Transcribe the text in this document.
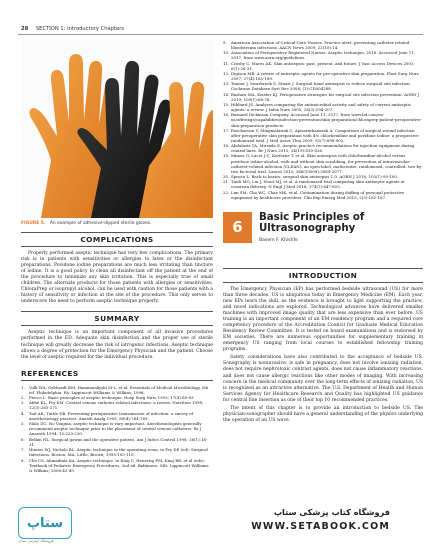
28 SECTION 1: Introductory Chapters
FIGURE 5. An example of adhesive-dipped sterile gloves.
COMPLICATIONS

Properly performed aseptic technique has very few complications. The primary risk is in patients with sensitivities or allergies to latex or the disinfectant preparations. Povidone iodine preparations are much less irritating than tincture of iodine. It is a good policy to clean all disinfectant off the patient at the end of the procedure to minimize any skin irritation. This is especially true of small children. The alternate products for those patients with allergies or sensitivities, ChloraPrep or isopropyl alcohol, can be used with caution for those patients with a history of sensitivity or infection at the site of the procedure. This only serves to underscore the need to perform aseptic technique properly.

SUMMARY

Aseptic technique is an important component of all invasive procedures performed in the ED. Adequate skin disinfection and the proper use of sterile technique will greatly decrease the risk of iatrogenic infections. Aseptic technique allows a degree of protection for the Emergency Physician and the patient. Choose the level of aseptic required for the individual procedure.

REFERENCES
1.	Volk WA, Gebhardt BM, Hammarskjold M-L, et al. Essentials of Medical Microbiology, 5th ed. Philadelphia, PA: Lippincott Williams & Wilkins; 1996.
2.	Pierce L. Basic principles of aseptic technique. Hosp Surg Nurs 1993; 17(4):80-83.
3.	Abbé KL, Fry KM. Central venous catheter related infections: a review. Nutrition 1998; 12(3):265-271.
4.	Tait AR, Tuttle DB. Preventing perioperative transmission of infection: a survey of anesthesiology practice. Anesth Analg 1995; 80(4):764-769.
5.	Malo DC. No Viagnia, aseptic technique is vary important. Anesthesiologists generally recommend aseptic technique prior to the placement of central venous catheters. Br J Anaesth 1994; 15:223-230.
6.	Belkin NL. Surgical gowns and the operative patient. Am J Infect Control 1998; 26(1):16-31.
7.	Hunter WJ, Nichols RL. Aseptic technique in the operating room, in Fry DE (ed): Surgical Infections. Boston, MA: Little, Brown; 1995:105-110.
8.	Cho CS, Ahmadinia KA. Aseptic technique, in King C, Henretig FM, King BR, et al (eds): Textbook of Pediatric Emergency Procedures, 2nd ed. Baltimore, MD: Lippincott Williams & Wilkins; 2008:43-49.
9.	American Association of Critical-Care Nurses. Practice alert: preventing catheter-related bloodstream infections. AACN News 2009; 22(10):14.
10. Association of Perioperative Registered Nurses. Aseptic technique, 2016. Accessed June 11, 2017, from www.aorn.org/guidelines.
11. Crosby C, Mares AK. Skin antisepsis: past, present, and future. J Vasc Access Devices 2001; 6(1):26-31.
12. Digison MB. A review of antiseptic agents for pre-operative skin preparation. Plast Surg Nurs 2007; 27(4):185-189.
13. Tanner J, Swarbrook S, Stuart J. Surgical hand antisepsis to reduce surgical site infection. Cochrane Database Syst Rev 2008; (1):CD004288.
14. Bashaw MA, Keister KJ. Perioperative strategies for surgical site infection prevention. AORN J 2019; 109(1):68-78.
15. Hibbard JS. Analyses comparing the antimicrobial activity and safety of current antiseptic agents: a review. J Infus Nurs 2005; 28(3):194-207.
16. Burnard Dickinson Company. Accessed June 11, 2017, from www.bd.com/en-us/offerings/capabilities/infection-prevention/skin-preparation/chloraprep-patient-preoperative-skin-preparation-products.
17. Paocharoen V, Mingmalairak C, Apisarnthanarak A. Comparison of surgical wound infection after preoperative skin preparation with 4% chlorhexidine and povidone iodine: a prospective randomized trial. J Med Assoc Thai 2009; 92(7):898-902.
18. Abdulaziz TA, Mirsada E. Aseptic practice recommendations for injection equipment during central lines. Br J Nurs 2015; 24(19):S30-S36.
19. Mimoz O, Lucet J-C, Kerforne T, et al. Skin antisepsis with chlorhexidine-alcohol versus povidone iodine-alcohol, with and without skin scrubbing, for prevention of intravascular-catheter-related infection (CLEAN): an open-label, multicentre, randomised, controlled, two-by-two factorial trial. Lancet 2015; 386(10008):2069-2077.
20. Spruce L. Back to basics: surgical skin antisepsis 1.0. AORN J 2016; 103(1):95-100.
21. Tuuli MG, Liu J, Stout MJ, et al. A randomized trial comparing skin antiseptic agents at cesarean delivery. N Engl J Med 2016; 374(7):647-655.
22. Lim SM, Cho WC, Chae MK, et al. Contamination during doffing of personal protective equipment by healthcare providers. Clin Exp Emerg Med 2015; 2(3):162-167.
6
Basic Principles of
Ultrasonography
Basem F. Khishfe
INTRODUCTION

The Emergency Physician (EP) has performed bedside ultrasound (US) for more than three decades. US is ubiquitous today in Emergency Medicine (EM). Each year, new EPs learn the skill, as the evidence is brought to light supporting the practice, and novel indications are explored. Technological advances have delivered smaller machines with improved image quality that are less expensive than ever before. US training is an important component of an EM residency program and a required core competency procedure of the Accreditation Council for Graduate Medical Education Residency Review Committee. It is tested on board examinations and is endorsed by EM societies. There are numerous opportunities for supplementary training in emergency US ranging from local courses to established fellowship training programs.

Safety considerations have also contributed to the acceptance of bedside US. Sonography is noninvasive, is safe in pregnancy, does not involve ionizing radiation, does not require nephrotoxic contrast agents, does not cause inflammatory reactions, and does not cause allergic reactions like other modes of imaging. With increasing concern in the medical community over the long-term effects of ionizing radiation, US is recognized as an attractive alternative. The U.S. Department of Health and Human Services Agency for Healthcare Research and Quality has highlighted US guidance for central line insertion as one of their top 10 recommended practices.

The intent of this chapter is to provide an introduction to bedside US. The physician-sonographer should have a general understanding of the physics underlying the operation of an US wave.

ستاپ
فروشگاه اینترنتی ستاپ
فروشگاه کتاب پزشکی ستاپ
WWW.SETABOOK.COM
